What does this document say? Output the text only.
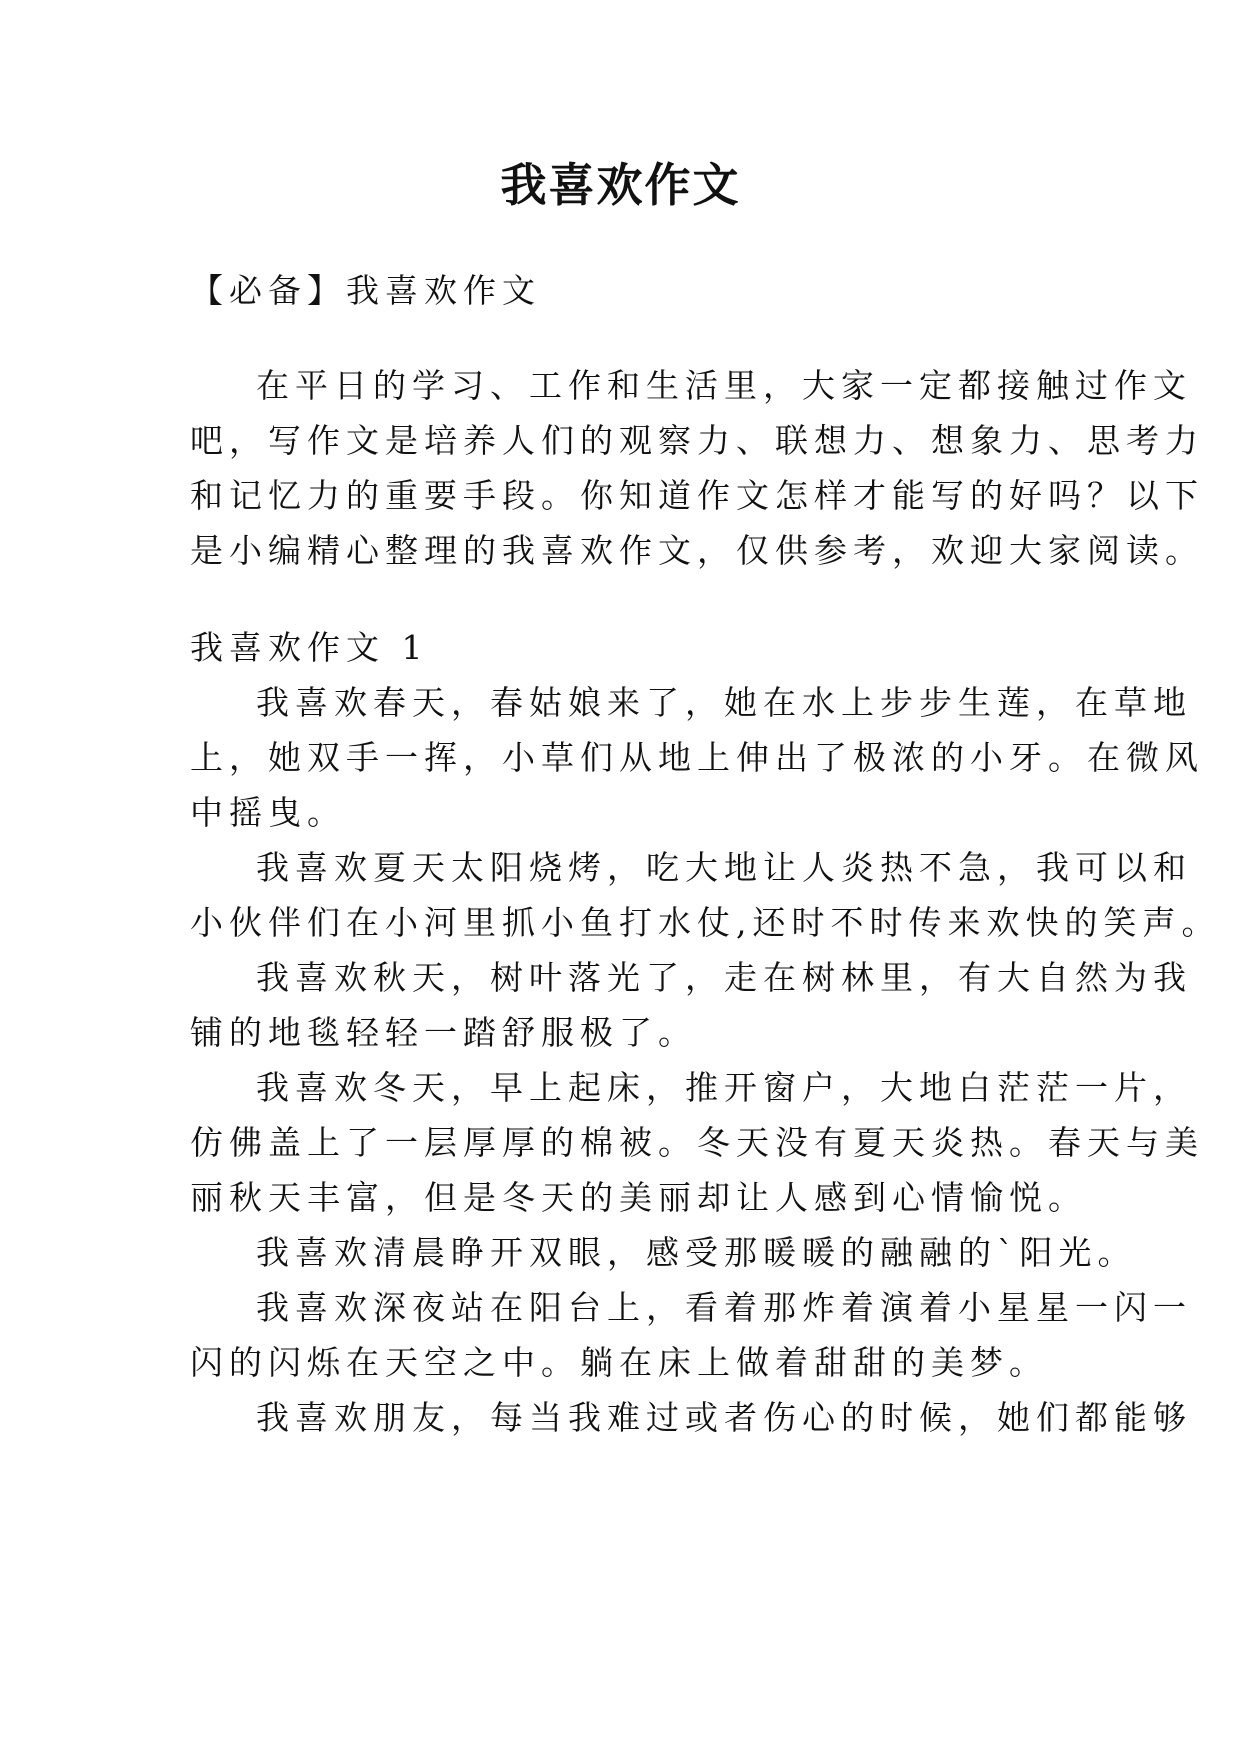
我喜欢作文

【必备】我喜欢作文

在平日的学习、工作和生活里，大家一定都接触过作文

吧，写作文是培养人们的观察力、联想力、想象力、思考力

和记忆力的重要手段。你知道作文怎样才能写的好吗？以下

是小编精心整理的我喜欢作文，仅供参考，欢迎大家阅读。

我喜欢作文 1

我喜欢春天，春姑娘来了，她在水上步步生莲，在草地

上，她双手一挥，小草们从地上伸出了极浓的小牙。在微风

中摇曳。

我喜欢夏天太阳烧烤，吃大地让人炎热不急，我可以和

小伙伴们在小河里抓小鱼打水仗,还时不时传来欢快的笑声。

我喜欢秋天，树叶落光了，走在树林里，有大自然为我

铺的地毯轻轻一踏舒服极了。

我喜欢冬天，早上起床，推开窗户，大地白茫茫一片，

仿佛盖上了一层厚厚的棉被。冬天没有夏天炎热。春天与美

丽秋天丰富，但是冬天的美丽却让人感到心情愉悦。

我喜欢清晨睁开双眼，感受那暖暖的融融的`阳光。

我喜欢深夜站在阳台上，看着那炸着演着小星星一闪一

闪的闪烁在天空之中。躺在床上做着甜甜的美梦。

我喜欢朋友，每当我难过或者伤心的时候，她们都能够
